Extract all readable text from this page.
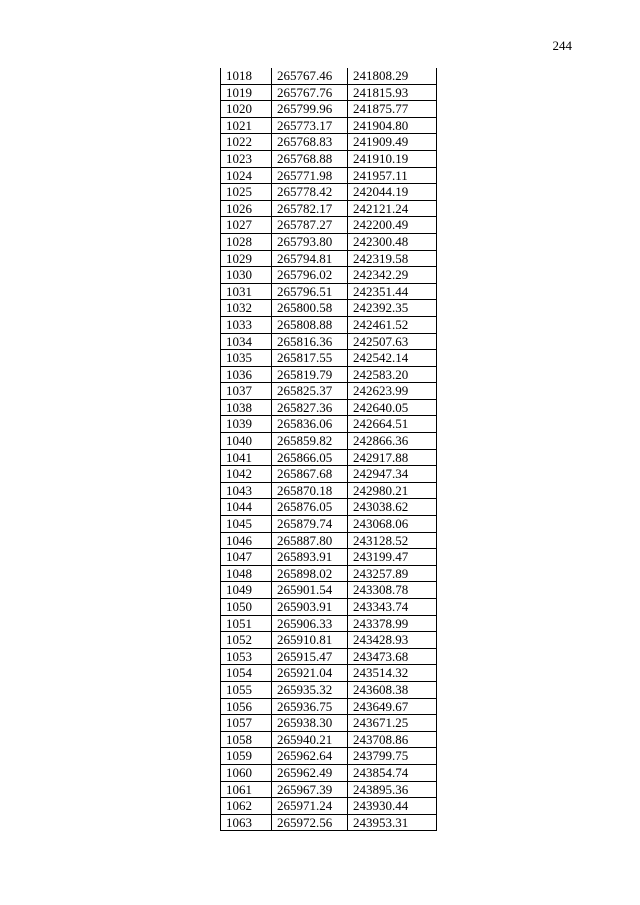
244
1018	265767.46	241808.29
1019	265767.76	241815.93
1020	265799.96	241875.77
1021	265773.17	241904.80
1022	265768.83	241909.49
1023	265768.88	241910.19
1024	265771.98	241957.11
1025	265778.42	242044.19
1026	265782.17	242121.24
1027	265787.27	242200.49
1028	265793.80	242300.48
1029	265794.81	242319.58
1030	265796.02	242342.29
1031	265796.51	242351.44
1032	265800.58	242392.35
1033	265808.88	242461.52
1034	265816.36	242507.63
1035	265817.55	242542.14
1036	265819.79	242583.20
1037	265825.37	242623.99
1038	265827.36	242640.05
1039	265836.06	242664.51
1040	265859.82	242866.36
1041	265866.05	242917.88
1042	265867.68	242947.34
1043	265870.18	242980.21
1044	265876.05	243038.62
1045	265879.74	243068.06
1046	265887.80	243128.52
1047	265893.91	243199.47
1048	265898.02	243257.89
1049	265901.54	243308.78
1050	265903.91	243343.74
1051	265906.33	243378.99
1052	265910.81	243428.93
1053	265915.47	243473.68
1054	265921.04	243514.32
1055	265935.32	243608.38
1056	265936.75	243649.67
1057	265938.30	243671.25
1058	265940.21	243708.86
1059	265962.64	243799.75
1060	265962.49	243854.74
1061	265967.39	243895.36
1062	265971.24	243930.44
1063	265972.56	243953.31
